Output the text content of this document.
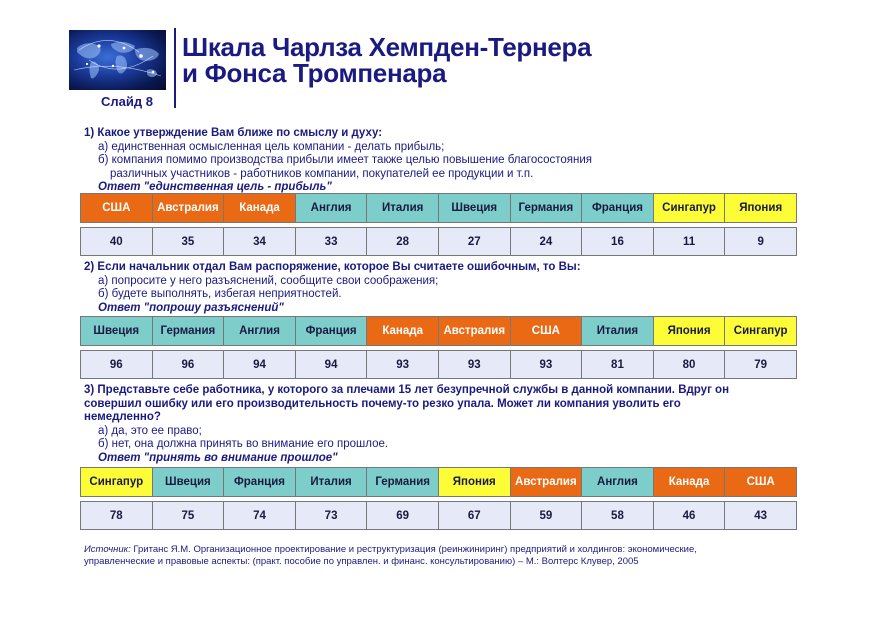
Слайд 8
Шкала Чарлза Хемпден-Тернера
и Фонса Тромпенара
1) Какое утверждение Вам ближе по смыслу и духу:
а) единственная осмысленная цель компании - делать прибыль;
б) компания помимо производства прибыли имеет также целью повышение благосостояния
различных участников - работников компании, покупателей ее продукции и т.п.
Ответ "единственная цель - прибыль"
США	Австралия	Канада	Англия	Италия	Швеция	Германия	Франция	Сингапур	Япония

40	35	34	33	28	27	24	16	11	9
2) Если начальник отдал Вам распоряжение, которое Вы считаете ошибочным, то Вы:
а) попросите у него разъяснений, сообщите свои соображения;
б) будете выполнять, избегая неприятностей.
Ответ "попрошу разъяснений"
Швеция	Германия	Англия	Франция	Канада	Австралия	США	Италия	Япония	Сингапур

96	96	94	94	93	93	93	81	80	79
3) Представьте себе работника, у которого за плечами 15 лет безупречной службы в данной компании. Вдруг он
совершил ошибку или его производительность почему-то резко упала. Может ли компания уволить его
немедленно?
а) да, это ее право;
б) нет, она должна принять во внимание его прошлое.
Ответ "принять во внимание прошлое"
Сингапур	Швеция	Франция	Италия	Германия	Япония	Австралия	Англия	Канада	США

78	75	74	73	69	67	59	58	46	43
Источник: Гританс Я.М. Организационное проектирование и реструктуризация (реинжиниринг) предприятий и холдингов: экономические,
управленческие и правовые аспекты: (практ. пособие по управлен. и финанс. консультированию) – М.: Волтерс Клувер, 2005
